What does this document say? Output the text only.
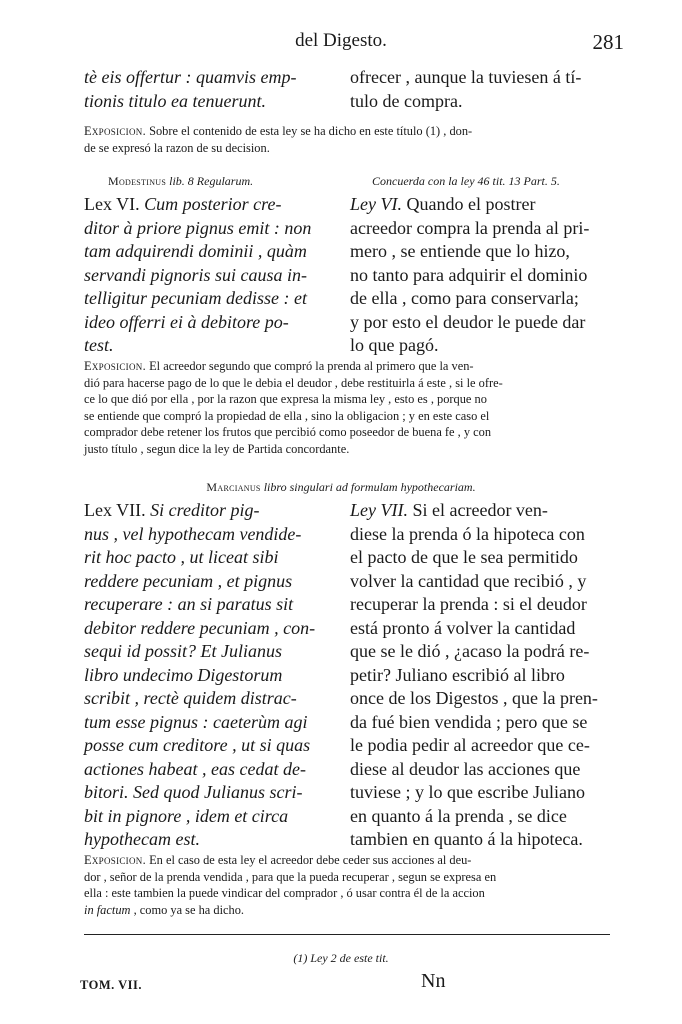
del Digesto.	281
tè eis offertur : quamvis emp-
tionis titulo ea tenuerunt.
ofrecer , aunque la tuviesen á tí-
tulo de compra.
Exposicion. Sobre el contenido de esta ley se ha dicho en este título (1) , don-
de se expresó la razon de su decision.
Modestinus lib. 8 Regularum.	Concuerda con la ley 46 tit. 13 Part. 5.
Lex VI. Cum posterior cre-
ditor à priore pignus emit : non
tam adquirendi dominii , quàm
servandi pignoris sui causa in-
telligitur pecuniam dedisse : et
ideo offerri ei à debitore po-
test.
Ley VI. Quando el postrer
acreedor compra la prenda al pri-
mero , se entiende que lo hizo,
no tanto para adquirir el dominio
de ella , como para conservarla;
y por esto el deudor le puede dar
lo que pagó.
Exposicion. El acreedor segundo que compró la prenda al primero que la ven-
dió para hacerse pago de lo que le debia el deudor , debe restituirla á este , si le ofre-
ce lo que dió por ella , por la razon que expresa la misma ley , esto es , porque no
se entiende que compró la propiedad de ella , sino la obligacion ; y en este caso el
comprador debe retener los frutos que percibió como poseedor de buena fe , y con
justo título , segun dice la ley de Partida concordante.
Marcianus libro singulari ad formulam hypothecariam.
Lex VII. Si creditor pig-
nus , vel hypothecam vendide-
rit hoc pacto , ut liceat sibi
reddere pecuniam , et pignus
recuperare : an si paratus sit
debitor reddere pecuniam , con-
sequi id possit? Et Julianus
libro undecimo Digestorum
scribit , rectè quidem distrac-
tum esse pignus : caeterùm agi
posse cum creditore , ut si quas
actiones habeat , eas cedat de-
bitori. Sed quod Julianus scri-
bit in pignore , idem et circa
hypothecam est.
Ley VII. Si el acreedor ven-
diese la prenda ó la hipoteca con
el pacto de que le sea permitido
volver la cantidad que recibió , y
recuperar la prenda : si el deudor
está pronto á volver la cantidad
que se le dió , ¿acaso la podrá re-
petir? Juliano escribió al libro
once de los Digestos , que la pren-
da fué bien vendida ; pero que se
le podia pedir al acreedor que ce-
diese al deudor las acciones que
tuviese ; y lo que escribe Juliano
en quanto á la prenda , se dice
tambien en quanto á la hipoteca.
Exposicion. En el caso de esta ley el acreedor debe ceder sus acciones al deu-
dor , señor de la prenda vendida , para que la pueda recuperar , segun se expresa en
ella : este tambien la puede vindicar del comprador , ó usar contra él de la accion
in factum , como ya se ha dicho.
(1) Ley 2 de este tit.
TOM. VII.	Nn
